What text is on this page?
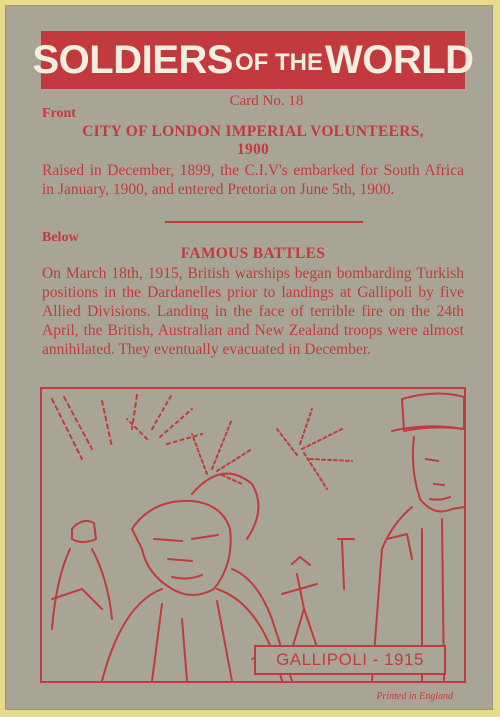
SOLDIERS OF THE WORLD
Card No. 18
Front
CITY OF LONDON IMPERIAL VOLUNTEERS,
1900

Raised in December, 1899, the C.I.V's embarked for South Africa in January, 1900, and entered Pretoria on June 5th, 1900.

Below
FAMOUS BATTLES

On March 18th, 1915, British warships began bombarding Turkish positions in the Dardanelles prior to landings at Gallipoli by five Allied Divisions. Landing in the face of terrible fire on the 24th April, the British, Australian and New Zealand troops were almost annihilated. They eventually evacuated in December.

GALLIPOLI - 1915
Printed in England
